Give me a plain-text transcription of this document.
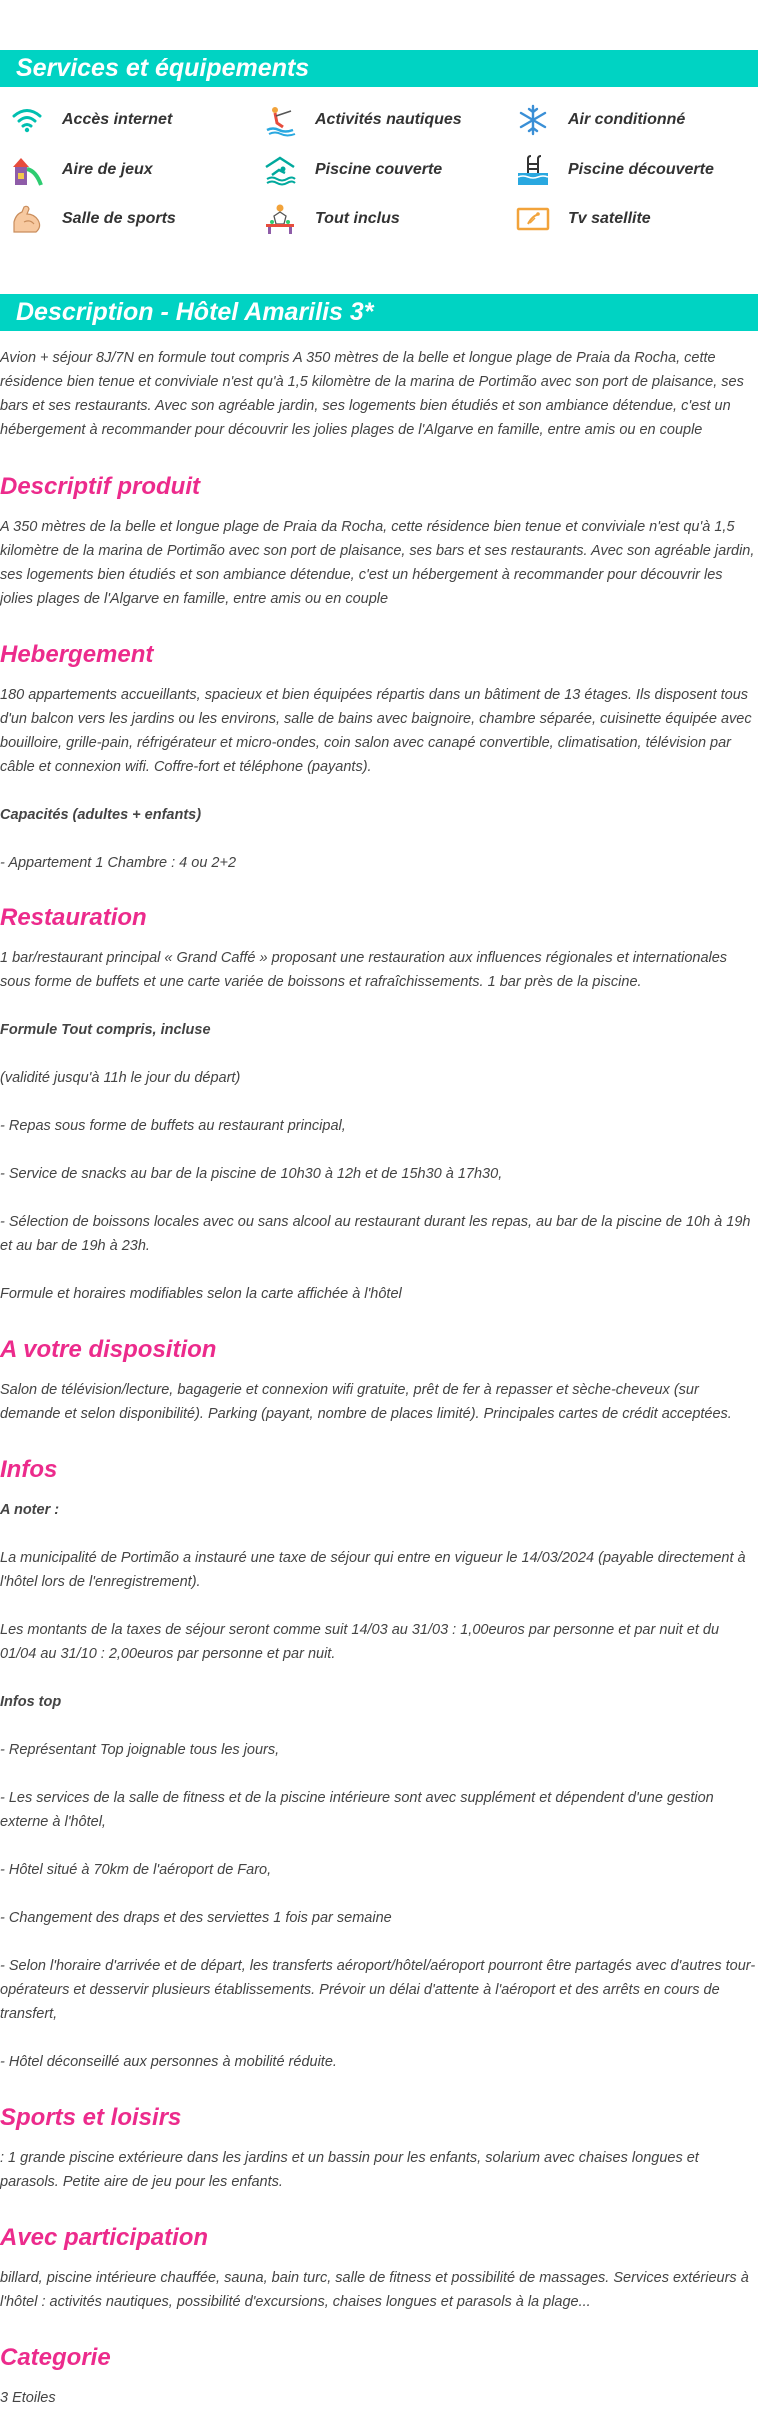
Services et équipements
Accès internet	Activités nautiques	Air conditionné
Aire de jeux	Piscine couverte	Piscine découverte
Salle de sports	Tout inclus	Tv satellite
Description - Hôtel Amarilis 3*

Avion + séjour 8J/7N en formule tout compris A 350 mètres de la belle et longue plage de Praia da Rocha, cette résidence bien tenue et conviviale n'est qu'à 1,5 kilomètre de la marina de Portimão avec son port de plaisance, ses bars et ses restaurants. Avec son agréable jardin, ses logements bien étudiés et son ambiance détendue, c'est un hébergement à recommander pour découvrir les jolies plages de l'Algarve en famille, entre amis ou en couple

Descriptif produit

A 350 mètres de la belle et longue plage de Praia da Rocha, cette résidence bien tenue et conviviale n'est qu'à 1,5 kilomètre de la marina de Portimão avec son port de plaisance, ses bars et ses restaurants. Avec son agréable jardin, ses logements bien étudiés et son ambiance détendue, c'est un hébergement à recommander pour découvrir les jolies plages de l'Algarve en famille, entre amis ou en couple

Hebergement

180 appartements accueillants, spacieux et bien équipées répartis dans un bâtiment de 13 étages. Ils disposent tous d'un balcon vers les jardins ou les environs, salle de bains avec baignoire, chambre séparée, cuisinette équipée avec bouilloire, grille-pain, réfrigérateur et micro-ondes, coin salon avec canapé convertible, climatisation, télévision par câble et connexion wifi. Coffre-fort et téléphone (payants).

Capacités (adultes + enfants)

- Appartement 1 Chambre : 4 ou 2+2

Restauration

1 bar/restaurant principal « Grand Caffé » proposant une restauration aux influences régionales et internationales sous forme de buffets et une carte variée de boissons et rafraîchissements. 1 bar près de la piscine.

Formule Tout compris, incluse

(validité jusqu'à 11h le jour du départ)

- Repas sous forme de buffets au restaurant principal,

- Service de snacks au bar de la piscine de 10h30 à 12h et de 15h30 à 17h30,

- Sélection de boissons locales avec ou sans alcool au restaurant durant les repas, au bar de la piscine de 10h à 19h et au bar de 19h à 23h.

Formule et horaires modifiables selon la carte affichée à l'hôtel

A votre disposition

Salon de télévision/lecture, bagagerie et connexion wifi gratuite, prêt de fer à repasser et sèche-cheveux (sur demande et selon disponibilité). Parking (payant, nombre de places limité). Principales cartes de crédit acceptées.

Infos

A noter :

La municipalité de Portimão a instauré une taxe de séjour qui entre en vigueur le 14/03/2024 (payable directement à l'hôtel lors de l'enregistrement).

Les montants de la taxes de séjour seront comme suit 14/03 au 31/03 : 1,00euros par personne et par nuit et du 01/04 au 31/10 : 2,00euros par personne et par nuit.

Infos top

- Représentant Top joignable tous les jours,

- Les services de la salle de fitness et de la piscine intérieure sont avec supplément et dépendent d'une gestion externe à l'hôtel,

- Hôtel situé à 70km de l'aéroport de Faro,

- Changement des draps et des serviettes 1 fois par semaine

- Selon l'horaire d'arrivée et de départ, les transferts aéroport/hôtel/aéroport pourront être partagés avec d'autres tour-opérateurs et desservir plusieurs établissements. Prévoir un délai d'attente à l'aéroport et des arrêts en cours de transfert,

- Hôtel déconseillé aux personnes à mobilité réduite.

Sports et loisirs

: 1 grande piscine extérieure dans les jardins et un bassin pour les enfants, solarium avec chaises longues et parasols. Petite aire de jeu pour les enfants.

Avec participation

billard, piscine intérieure chauffée, sauna, bain turc, salle de fitness et possibilité de massages. Services extérieurs à l'hôtel : activités nautiques, possibilité d'excursions, chaises longues et parasols à la plage...

Categorie

3 Etoiles
